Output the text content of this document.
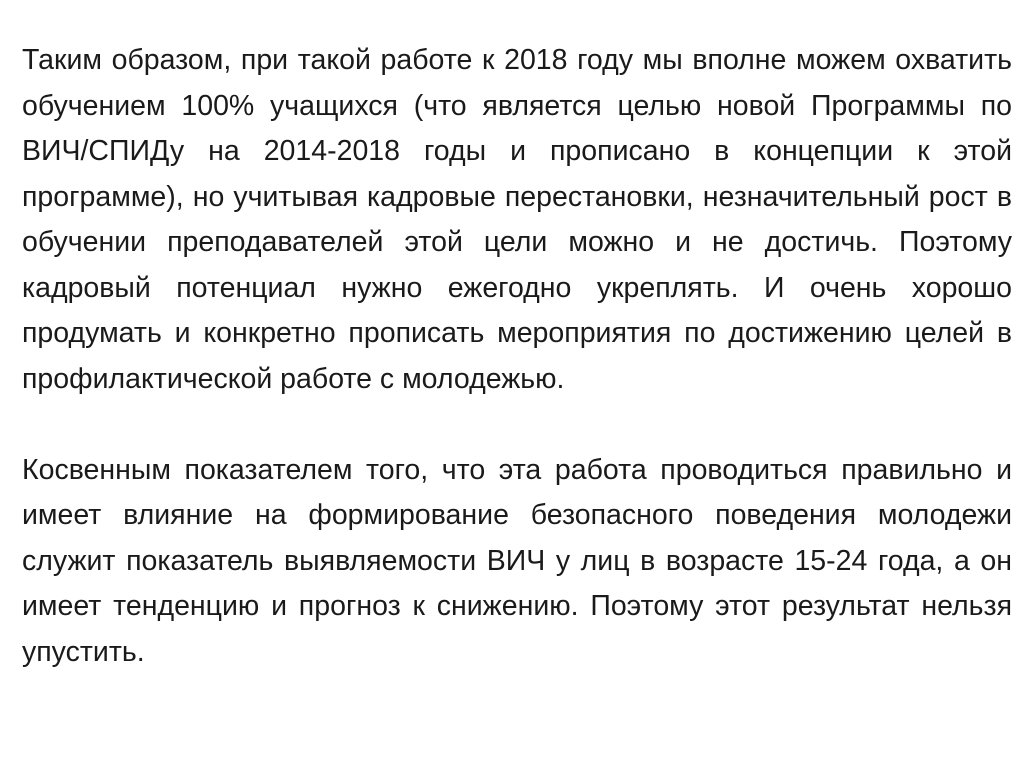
Таким образом, при такой работе к 2018 году мы вполне можем охватить обучением 100% учащихся (что является целью новой Программы по ВИЧ/СПИДу на 2014-2018 годы и прописано в концепции к этой программе), но учитывая кадровые перестановки, незначительный рост в обучении преподавателей этой цели можно и не достичь. Поэтому кадровый потенциал нужно ежегодно укреплять. И очень хорошо продумать и конкретно прописать мероприятия по достижению целей в профилактической работе с молодежью.

Косвенным показателем того, что эта работа проводиться правильно и имеет влияние на формирование безопасного поведения молодежи служит показатель выявляемости ВИЧ у лиц в возрасте 15-24 года, а он имеет тенденцию и прогноз к снижению. Поэтому этот результат нельзя упустить.
